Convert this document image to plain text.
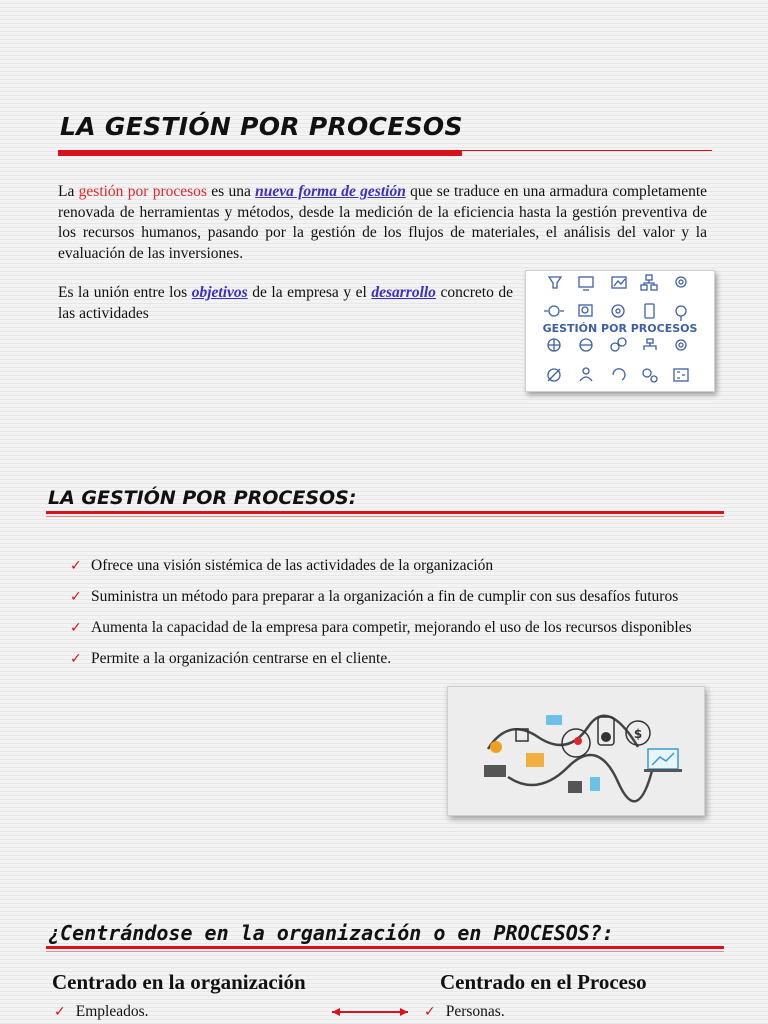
LA GESTIÓN POR PROCESOS
La gestión por procesos es una nueva forma de gestión que se traduce en una armadura completamente renovada de herramientas y métodos, desde la medición de la eficiencia hasta la gestión preventiva de los recursos humanos, pasando por la gestión de los flujos de materiales, el análisis del valor y la evaluación de las inversiones.
Es la unión entre los objetivos de la empresa y el desarrollo concreto de las actividades
GESTIÓN POR PROCESOS
LA GESTIÓN POR PROCESOS:
✓ Ofrece una visión sistémica de las actividades de la organización
✓ Suministra un método para preparar a la organización a fin de cumplir con sus desafíos futuros
✓ Aumenta la capacidad de la empresa para competir, mejorando el uso de los recursos disponibles
✓ Permite a la organización centrarse en el cliente.
$
¿Centrándose en la organización o en PROCESOS?:
Centrado en la organización	Centrado en el Proceso
✓ Empleados.	✓ Personas.
